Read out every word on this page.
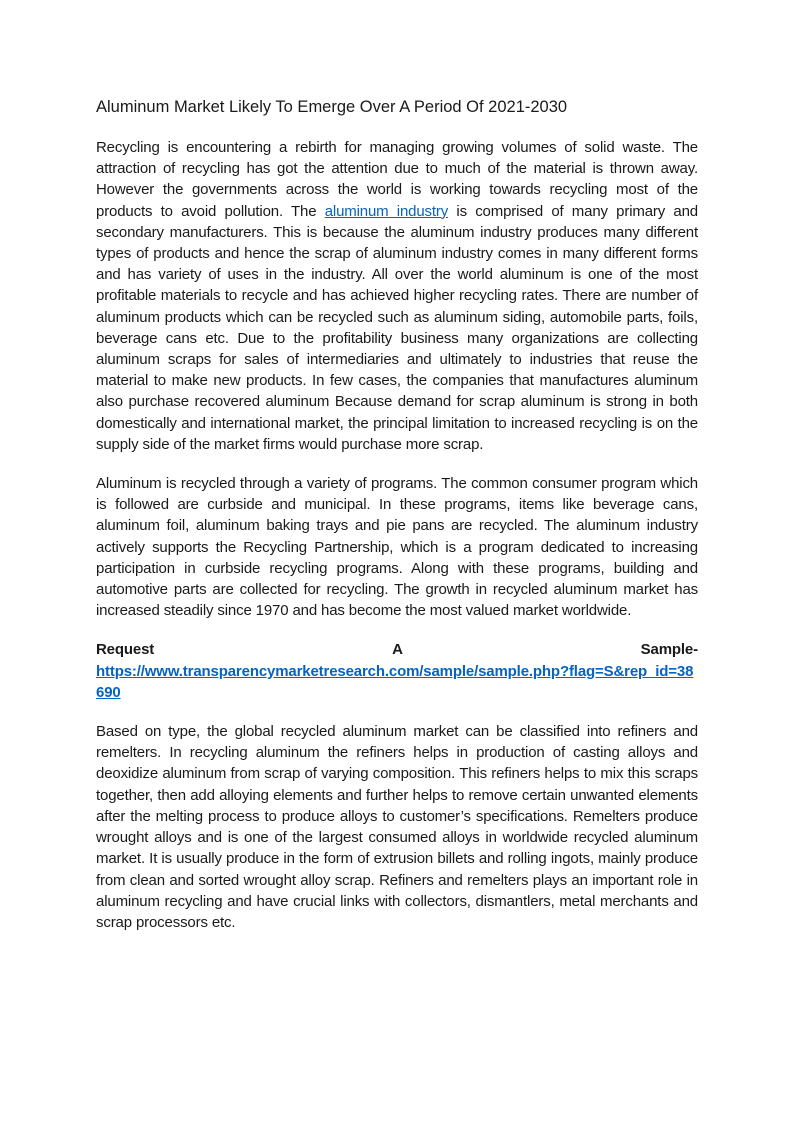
Aluminum Market Likely To Emerge Over A Period Of 2021-2030

Recycling is encountering a rebirth for managing growing volumes of solid waste. The attraction of recycling has got the attention due to much of the material is thrown away. However the governments across the world is working towards recycling most of the products to avoid pollution. The aluminum industry is comprised of many primary and secondary manufacturers. This is because the aluminum industry produces many different types of products and hence the scrap of aluminum industry comes in many different forms and has variety of uses in the industry. All over the world aluminum is one of the most profitable materials to recycle and has achieved higher recycling rates. There are number of aluminum products which can be recycled such as aluminum siding, automobile parts, foils, beverage cans etc. Due to the profitability business many organizations are collecting aluminum scraps for sales of intermediaries and ultimately to industries that reuse the material to make new products. In few cases, the companies that manufactures aluminum also purchase recovered aluminum Because demand for scrap aluminum is strong in both domestically and international market, the principal limitation to increased recycling is on the supply side of the market firms would purchase more scrap.

Aluminum is recycled through a variety of programs. The common consumer program which is followed are curbside and municipal. In these programs, items like beverage cans, aluminum foil, aluminum baking trays and pie pans are recycled. The aluminum industry actively supports the Recycling Partnership, which is a program dedicated to increasing participation in curbside recycling programs. Along with these programs, building and automotive parts are collected for recycling. The growth in recycled aluminum market has increased steadily since 1970 and has become the most valued market worldwide.

Request	A	Sample-
https://www.transparencymarketresearch.com/sample/sample.php?flag=S&rep_id=38690

Based on type, the global recycled aluminum market can be classified into refiners and remelters. In recycling aluminum the refiners helps in production of casting alloys and deoxidize aluminum from scrap of varying composition. This refiners helps to mix this scraps together, then add alloying elements and further helps to remove certain unwanted elements after the melting process to produce alloys to customer’s specifications. Remelters produce wrought alloys and is one of the largest consumed alloys in worldwide recycled aluminum market. It is usually produce in the form of extrusion billets and rolling ingots, mainly produce from clean and sorted wrought alloy scrap. Refiners and remelters plays an important role in aluminum recycling and have crucial links with collectors, dismantlers, metal merchants and scrap processors etc.
